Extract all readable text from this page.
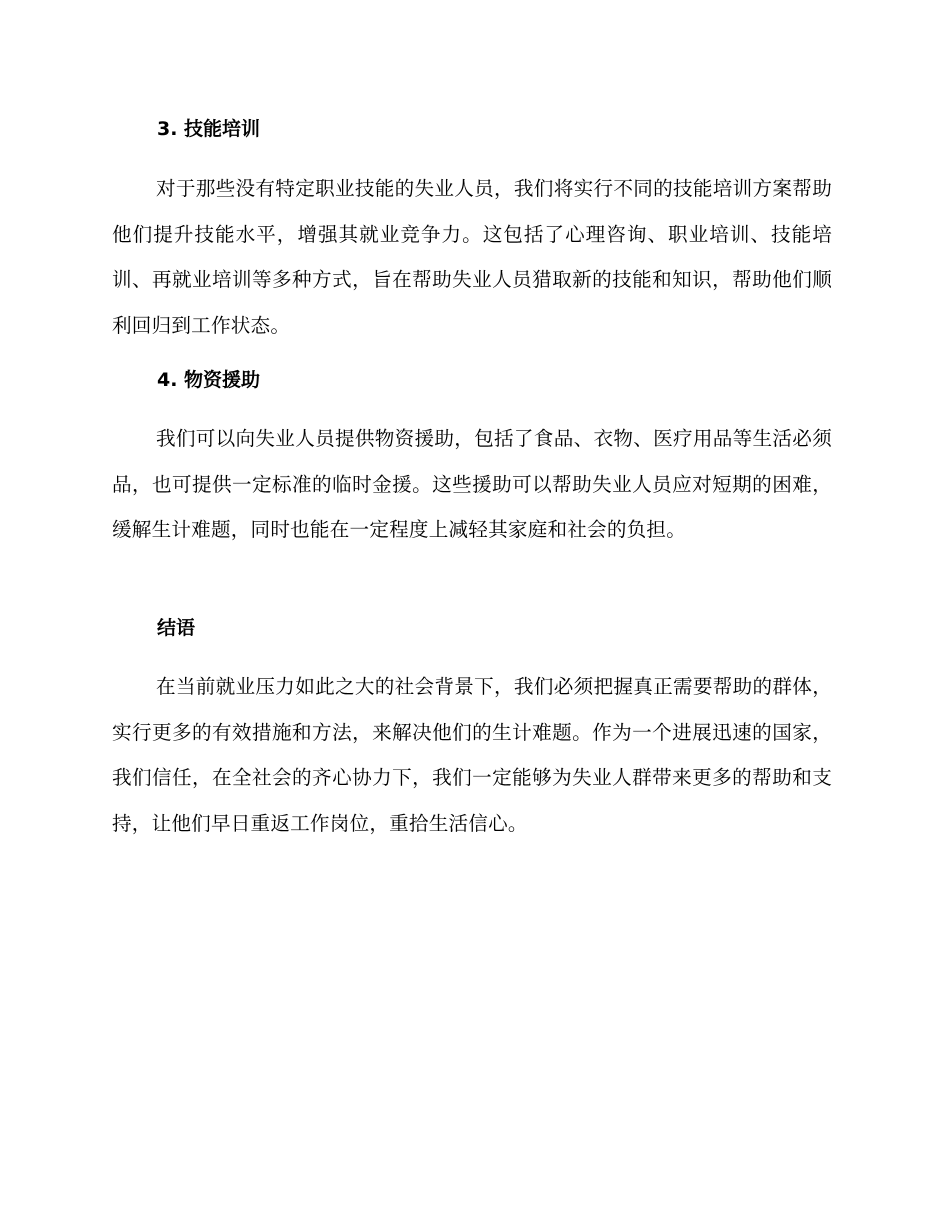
3. 技能培训

对于那些没有特定职业技能的失业人员，我们将实行不同的技能培训方案帮助他们提升技能水平，增强其就业竞争力。这包括了心理咨询、职业培训、技能培训、再就业培训等多种方式，旨在帮助失业人员猎取新的技能和知识，帮助他们顺利回归到工作状态。

4. 物资援助

我们可以向失业人员提供物资援助，包括了食品、衣物、医疗用品等生活必须品，也可提供一定标准的临时金援。这些援助可以帮助失业人员应对短期的困难，缓解生计难题，同时也能在一定程度上减轻其家庭和社会的负担。

结语

在当前就业压力如此之大的社会背景下，我们必须把握真正需要帮助的群体，实行更多的有效措施和方法，来解决他们的生计难题。作为一个进展迅速的国家，我们信任，在全社会的齐心协力下，我们一定能够为失业人群带来更多的帮助和支持，让他们早日重返工作岗位，重拾生活信心。
